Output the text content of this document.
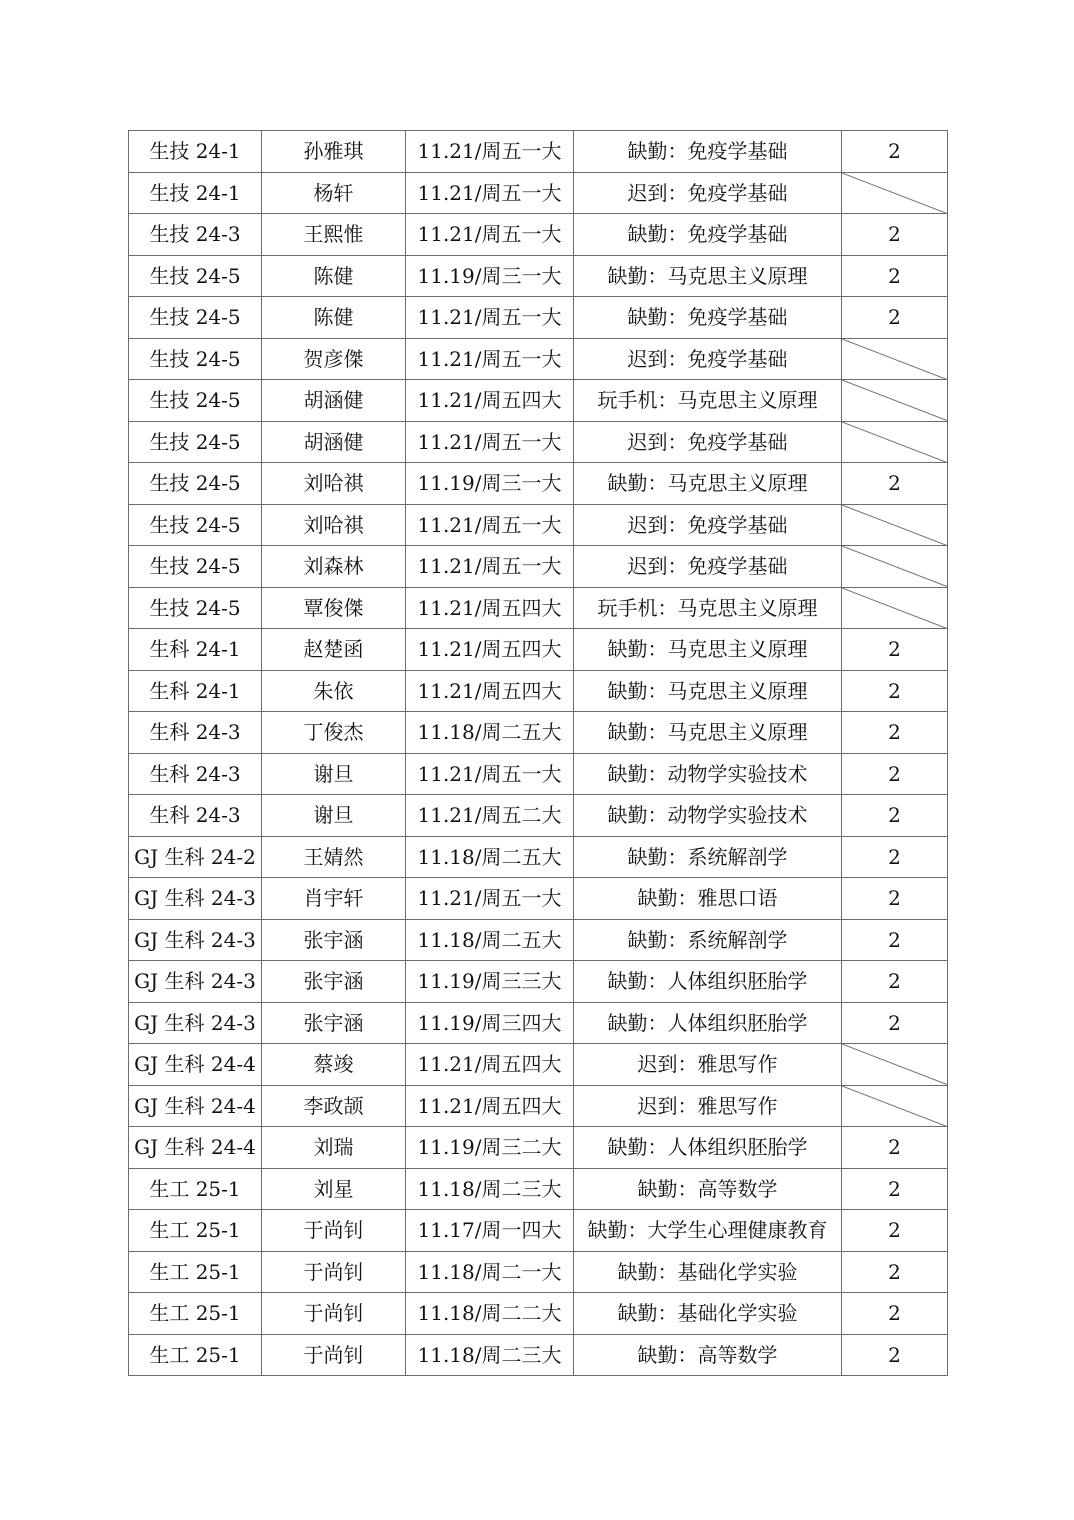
生技 24-1	孙雅琪	11.21/周五一大	缺勤：免疫学基础	2
生技 24-1	杨轩	11.21/周五一大	迟到：免疫学基础	

生技 24-3	王熙惟	11.21/周五一大	缺勤：免疫学基础	2
生技 24-5	陈健	11.19/周三一大	缺勤：马克思主义原理	2
生技 24-5	陈健	11.21/周五一大	缺勤：免疫学基础	2
生技 24-5	贺彦傑	11.21/周五一大	迟到：免疫学基础	

生技 24-5	胡涵健	11.21/周五四大	玩手机：马克思主义原理	

生技 24-5	胡涵健	11.21/周五一大	迟到：免疫学基础	

生技 24-5	刘哈祺	11.19/周三一大	缺勤：马克思主义原理	2
生技 24-5	刘哈祺	11.21/周五一大	迟到：免疫学基础	

生技 24-5	刘森林	11.21/周五一大	迟到：免疫学基础	

生技 24-5	覃俊傑	11.21/周五四大	玩手机：马克思主义原理	

生科 24-1	赵楚函	11.21/周五四大	缺勤：马克思主义原理	2
生科 24-1	朱依	11.21/周五四大	缺勤：马克思主义原理	2
生科 24-3	丁俊杰	11.18/周二五大	缺勤：马克思主义原理	2
生科 24-3	谢旦	11.21/周五一大	缺勤：动物学实验技术	2
生科 24-3	谢旦	11.21/周五二大	缺勤：动物学实验技术	2
GJ 生科 24-2	王婧然	11.18/周二五大	缺勤：系统解剖学	2
GJ 生科 24-3	肖宇轩	11.21/周五一大	缺勤：雅思口语	2
GJ 生科 24-3	张宇涵	11.18/周二五大	缺勤：系统解剖学	2
GJ 生科 24-3	张宇涵	11.19/周三三大	缺勤：人体组织胚胎学	2
GJ 生科 24-3	张宇涵	11.19/周三四大	缺勤：人体组织胚胎学	2
GJ 生科 24-4	蔡竣	11.21/周五四大	迟到：雅思写作	

GJ 生科 24-4	李政颉	11.21/周五四大	迟到：雅思写作	

GJ 生科 24-4	刘瑞	11.19/周三二大	缺勤：人体组织胚胎学	2
生工 25-1	刘星	11.18/周二三大	缺勤：高等数学	2
生工 25-1	于尚钊	11.17/周一四大	缺勤：大学生心理健康教育	2
生工 25-1	于尚钊	11.18/周二一大	缺勤：基础化学实验	2
生工 25-1	于尚钊	11.18/周二二大	缺勤：基础化学实验	2
生工 25-1	于尚钊	11.18/周二三大	缺勤：高等数学	2
